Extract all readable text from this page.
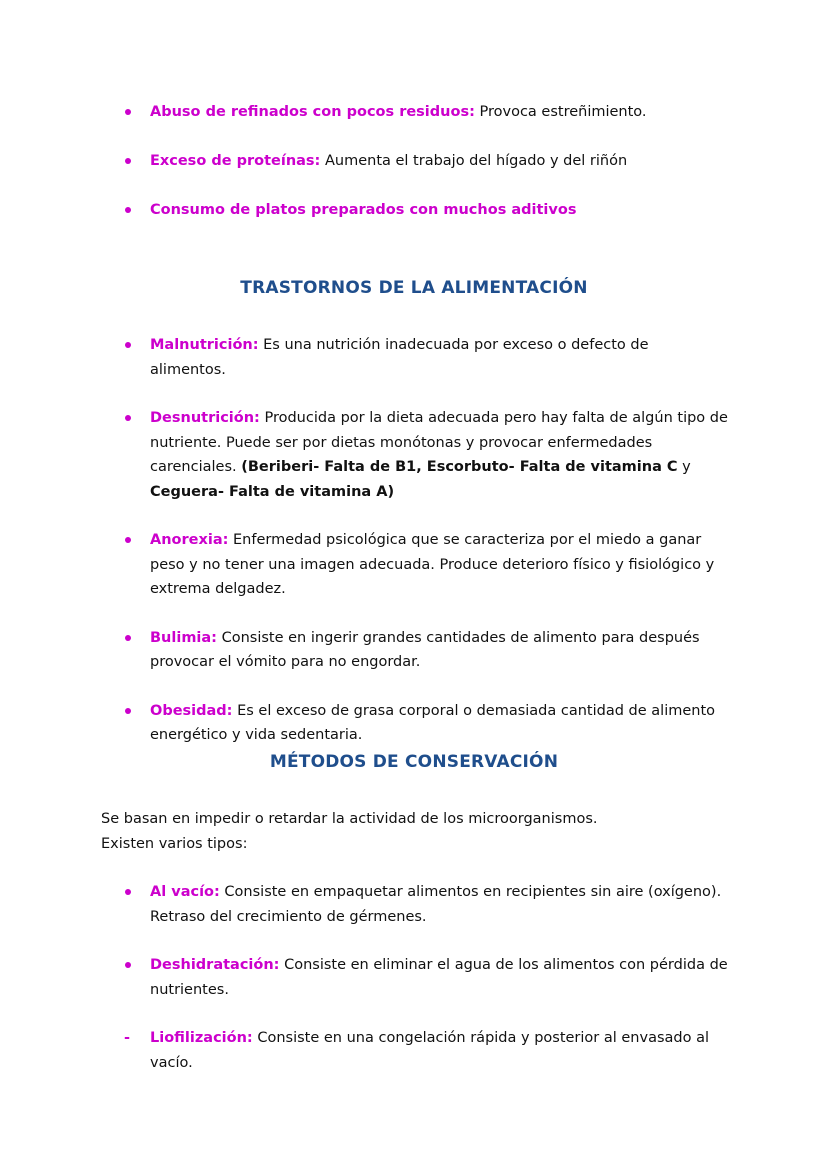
Abuso de refinados con pocos residuos: Provoca estreñimiento.
Exceso de proteínas: Aumenta el trabajo del hígado y del riñón
Consumo de platos preparados con muchos aditivos
TRASTORNOS DE LA ALIMENTACIÓN
Malnutrición: Es una nutrición inadecuada por exceso o defecto de alimentos.
Desnutrición: Producida por la dieta adecuada pero hay falta de algún tipo de nutriente. Puede ser por dietas monótonas y provocar enfermedades carenciales. (Beriberi- Falta de B1, Escorbuto- Falta de vitamina C y Ceguera- Falta de vitamina A)
Anorexia: Enfermedad psicológica que se caracteriza por el miedo a ganar peso y no tener una imagen adecuada. Produce deterioro físico y fisiológico y extrema delgadez.
Bulimia: Consiste en ingerir grandes cantidades de alimento para después provocar el vómito para no engordar.
Obesidad: Es el exceso de grasa corporal o demasiada cantidad de alimento energético y vida sedentaria.
MÉTODOS DE CONSERVACIÓN
Se basan en impedir o retardar la actividad de los microorganismos.
Existen varios tipos:
Al vacío: Consiste en empaquetar alimentos en recipientes sin aire (oxígeno). Retraso del crecimiento de gérmenes.
Deshidratación: Consiste en eliminar el agua de los alimentos con pérdida de nutrientes.
- Liofilización: Consiste en una congelación rápida y posterior al envasado al vacío.
